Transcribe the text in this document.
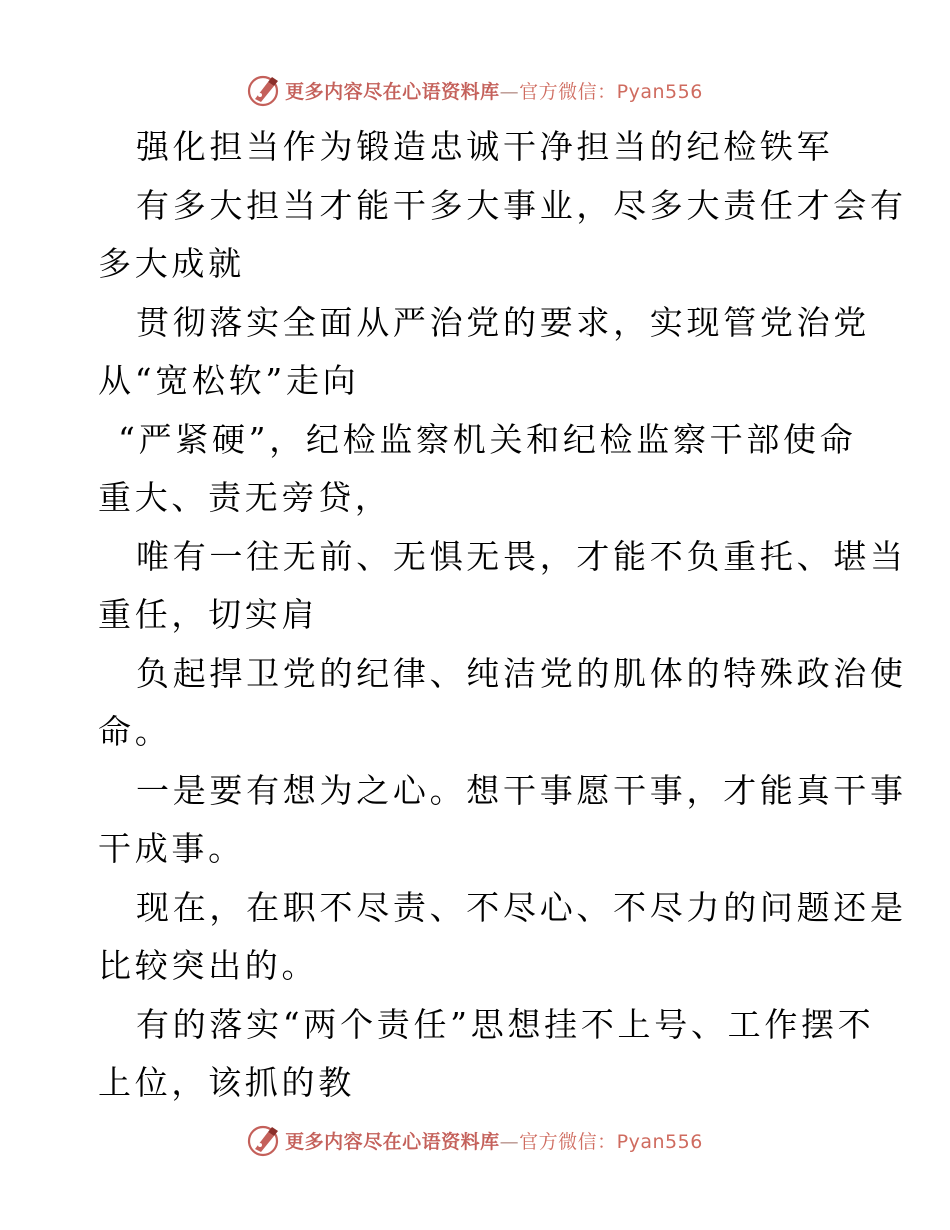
更多内容尽在心语资料库—官方微信：Pyan556
强化担当作为锻造忠诚干净担当的纪检铁军
有多大担当才能干多大事业，尽多大责任才会有
多大成就
贯彻落实全面从严治党的要求，实现管党治党
从“宽松软”走向
“严紧硬”，纪检监察机关和纪检监察干部使命
重大、责无旁贷，
唯有一往无前、无惧无畏，才能不负重托、堪当
重任，切实肩
负起捍卫党的纪律、纯洁党的肌体的特殊政治使
命。
一是要有想为之心。想干事愿干事，才能真干事
干成事。
现在，在职不尽责、不尽心、不尽力的问题还是
比较突出的。
有的落实“两个责任”思想挂不上号、工作摆不
上位，该抓的教
更多内容尽在心语资料库—官方微信：Pyan556
